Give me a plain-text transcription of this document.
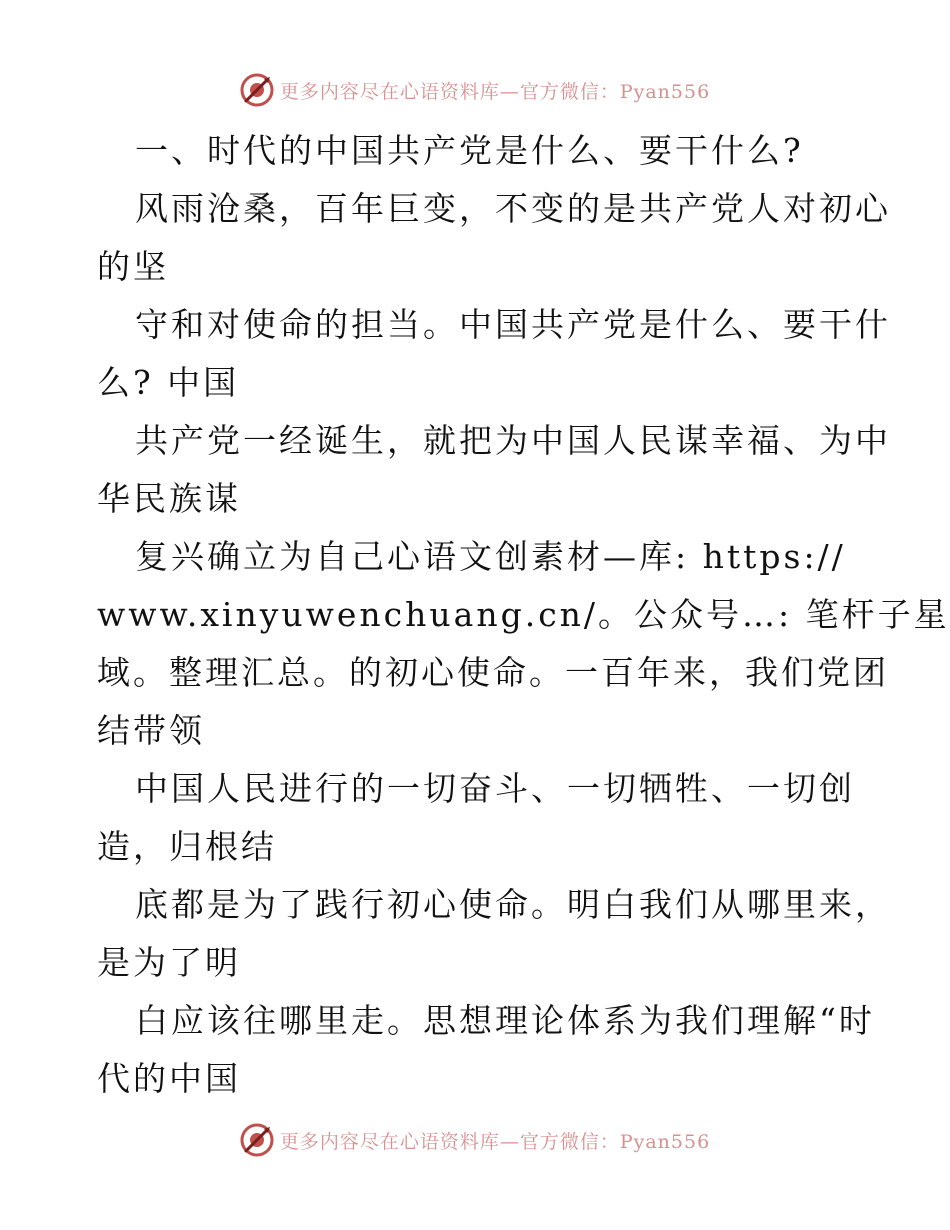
更多内容尽在心语资料库—官方微信：Pyan556
一、时代的中国共产党是什么、要干什么?
风雨沧桑，百年巨变，不变的是共产党人对初心
的坚
守和对使命的担当。中国共产党是什么、要干什
么? 中国
共产党一经诞生，就把为中国人民谋幸福、为中
华民族谋
复兴确立为自己心语文创素材—库: https://
www.xinyuwenchuang.cn/。公众号…: 笔杆子星
域。整理汇总。的初心使命。一百年来，我们党团
结带领
中国人民进行的一切奋斗、一切牺牲、一切创
造，归根结
底都是为了践行初心使命。明白我们从哪里来，
是为了明
白应该往哪里走。思想理论体系为我们理解“时
代的中国
更多内容尽在心语资料库—官方微信：Pyan556
